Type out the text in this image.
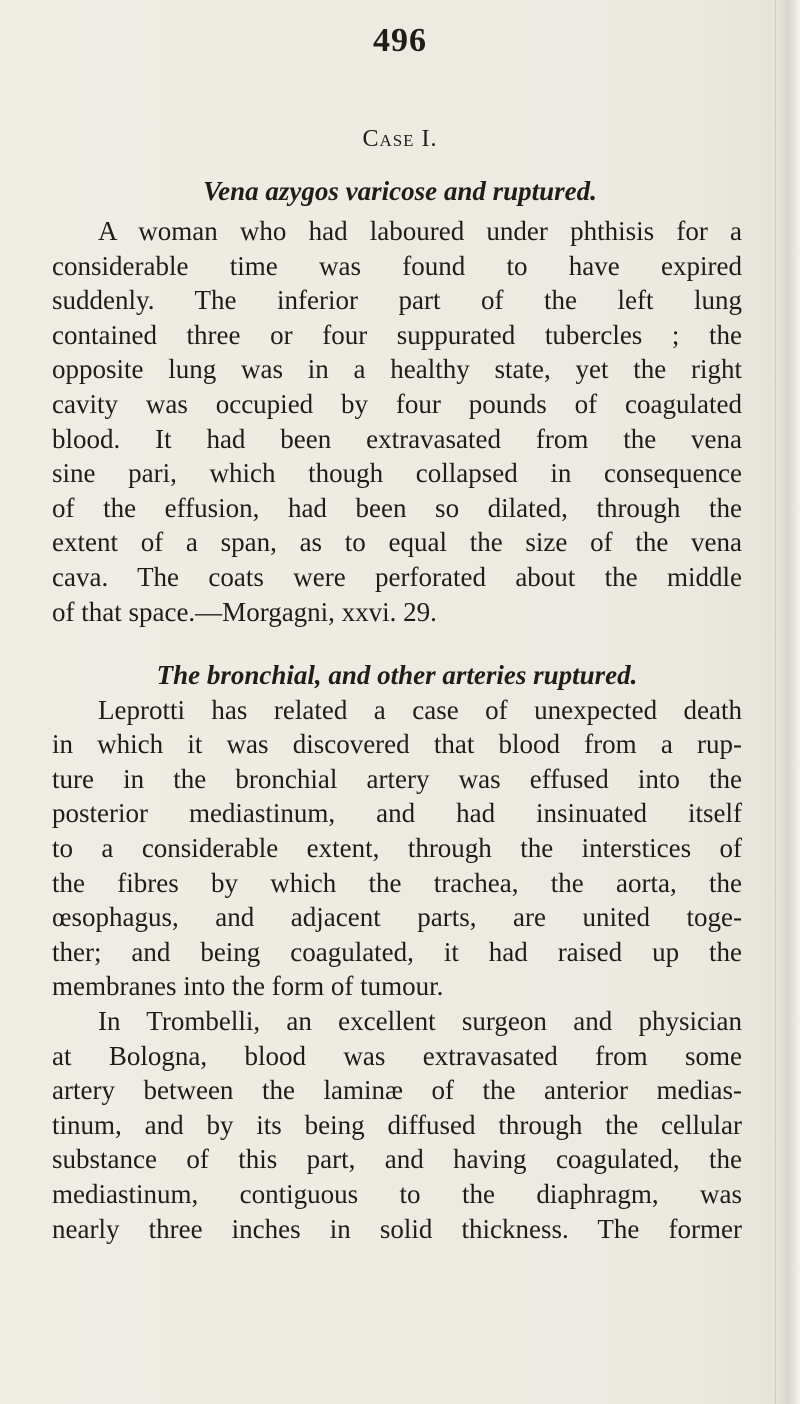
496
Case I.
Vena azygos varicose and ruptured.
A woman who had laboured under phthisis for a
considerable time was found to have expired
suddenly. The inferior part of the left lung
contained three or four suppurated tubercles ; the
opposite lung was in a healthy state, yet the right
cavity was occupied by four pounds of coagulated
blood. It had been extravasated from the vena
sine pari, which though collapsed in consequence
of the effusion, had been so dilated, through the
extent of a span, as to equal the size of the vena
cava. The coats were perforated about the middle
of that space.—Morgagni, xxvi. 29.
The bronchial, and other arteries ruptured.
Leprotti has related a case of unexpected death
in which it was discovered that blood from a rup-
ture in the bronchial artery was effused into the
posterior mediastinum, and had insinuated itself
to a considerable extent, through the interstices of
the fibres by which the trachea, the aorta, the
œsophagus, and adjacent parts, are united toge-
ther; and being coagulated, it had raised up the
membranes into the form of tumour.
In Trombelli, an excellent surgeon and physician
at Bologna, blood was extravasated from some
artery between the laminæ of the anterior medias-
tinum, and by its being diffused through the cellular
substance of this part, and having coagulated, the
mediastinum, contiguous to the diaphragm, was
nearly three inches in solid thickness. The former
